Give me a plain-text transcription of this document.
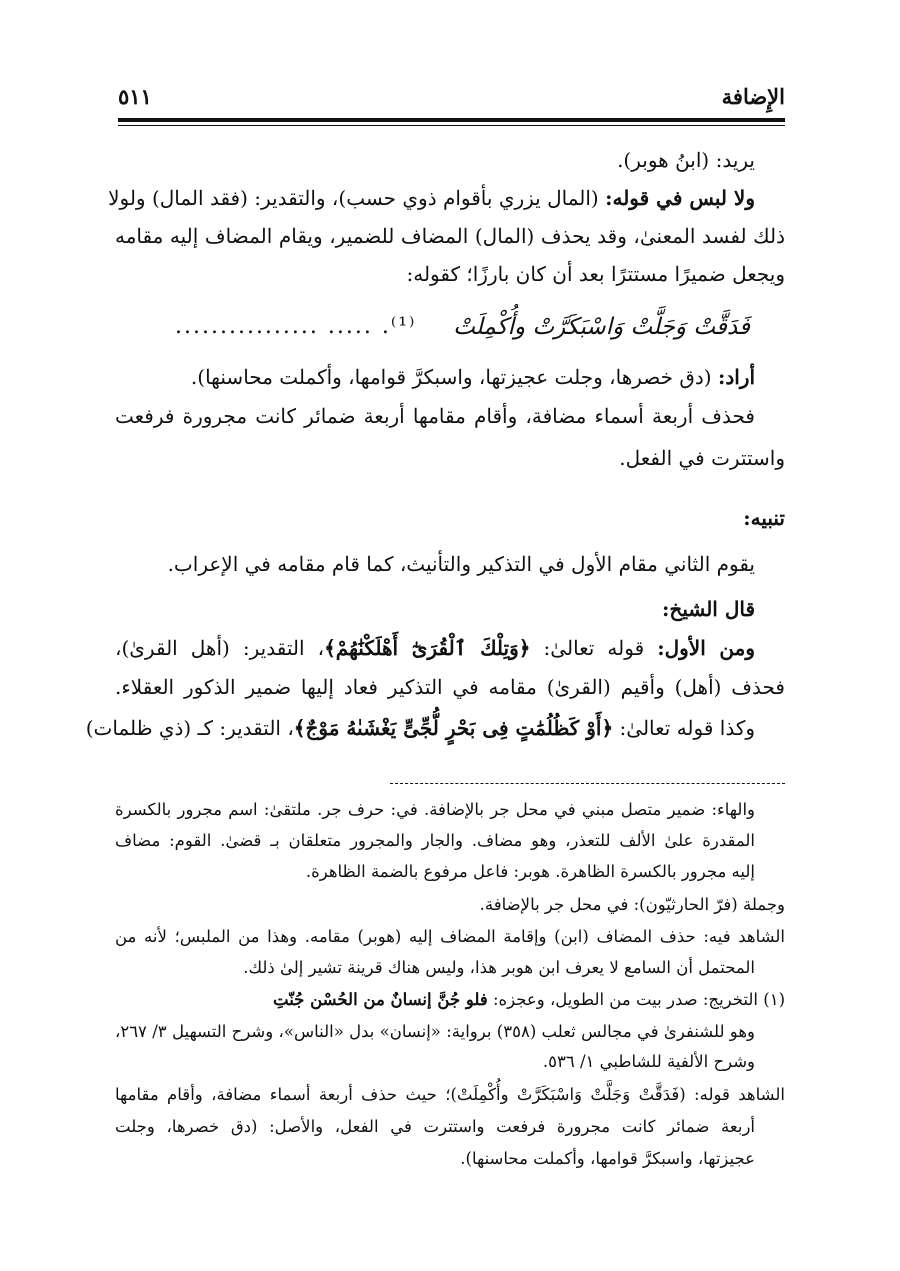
الإِضافة
٥١١
يريد: (ابنُ هوبر).
ولا لبس في قوله: (المال يزري بأقوام ذوي حسب)، والتقدير: (فقد المال) ولولا
ذلك لفسد المعنىٰ، وقد يحذف (المال) المضاف للضمير، ويقام المضاف إليه مقامه
ويجعل ضميرًا مستترًا بعد أن كان بارزًا؛ كقوله:
فَدَقَّتْ وَجَلَّتْ وَاسْبَكَرَّتْ وأُكْمِلَتْ
................ ..... .⁽¹⁾
أراد: (دق خصرها، وجلت عجيزتها، واسبكرَّ قوامها، وأكملت محاسنها).
فحذف أربعة أسماء مضافة، وأقام مقامها أربعة ضمائر كانت مجرورة فرفعت
واستترت في الفعل.
تنبيه:
يقوم الثاني مقام الأول في التذكير والتأنيث، كما قام مقامه في الإعراب.
قال الشيخ:
ومن الأول: قوله تعالىٰ: ﴿وَتِلْكَ ٱلْقُرَىٰٓ أَهْلَكْنَٰهُمْ﴾، التقدير: (أهل القرىٰ)،
فحذف (أهل) وأقيم (القرىٰ) مقامه في التذكير فعاد إليها ضمير الذكور العقلاء.
وكذا قوله تعالىٰ: ﴿أَوْ كَظُلُمَٰتٍ فِى بَحْرٍ لُّجِّىٍّ يَغْشَىٰهُ مَوْجٌ﴾، التقدير: كـ (ذي ظلمات)
والهاء: ضمير متصل مبني في محل جر بالإضافة. في: حرف جر. ملتقىٰ: اسم مجرور بالكسرة
المقدرة علىٰ الألف للتعذر، وهو مضاف. والجار والمجرور متعلقان بـ قضىٰ. القوم: مضاف
إليه مجرور بالكسرة الظاهرة. هوبر: فاعل مرفوع بالضمة الظاهرة.
وجملة (فرّ الحارثيّون): في محل جر بالإضافة.
الشاهد فيه: حذف المضاف (ابن) وإقامة المضاف إليه (هوبر) مقامه. وهذا من الملبس؛ لأنه من
المحتمل أن السامع لا يعرف ابن هوبر هذا، وليس هناك قرينة تشير إلىٰ ذلك.
(١) التخريج: صدر بيت من الطويل، وعجزه: فلو جُنَّ إنسانٌ من الحُسْن جُنّتِ
وهو للشنفرىٰ في مجالس ثعلب (٣٥٨) برواية: «إنسان» بدل «الناس»، وشرح التسهيل ٣/ ٢٦٧،
وشرح الألفية للشاطبي ١/ ٥٣٦.
الشاهد قوله: (فَدَقَّتْ وَجَلَّتْ وَاسْبَكَرَّتْ وأُكْمِلَتْ)؛ حيث حذف أربعة أسماء مضافة، وأقام مقامها
أربعة ضمائر كانت مجرورة فرفعت واستترت في الفعل، والأصل: (دق خصرها، وجلت
عجيزتها، واسبكرَّ قوامها، وأكملت محاسنها).
